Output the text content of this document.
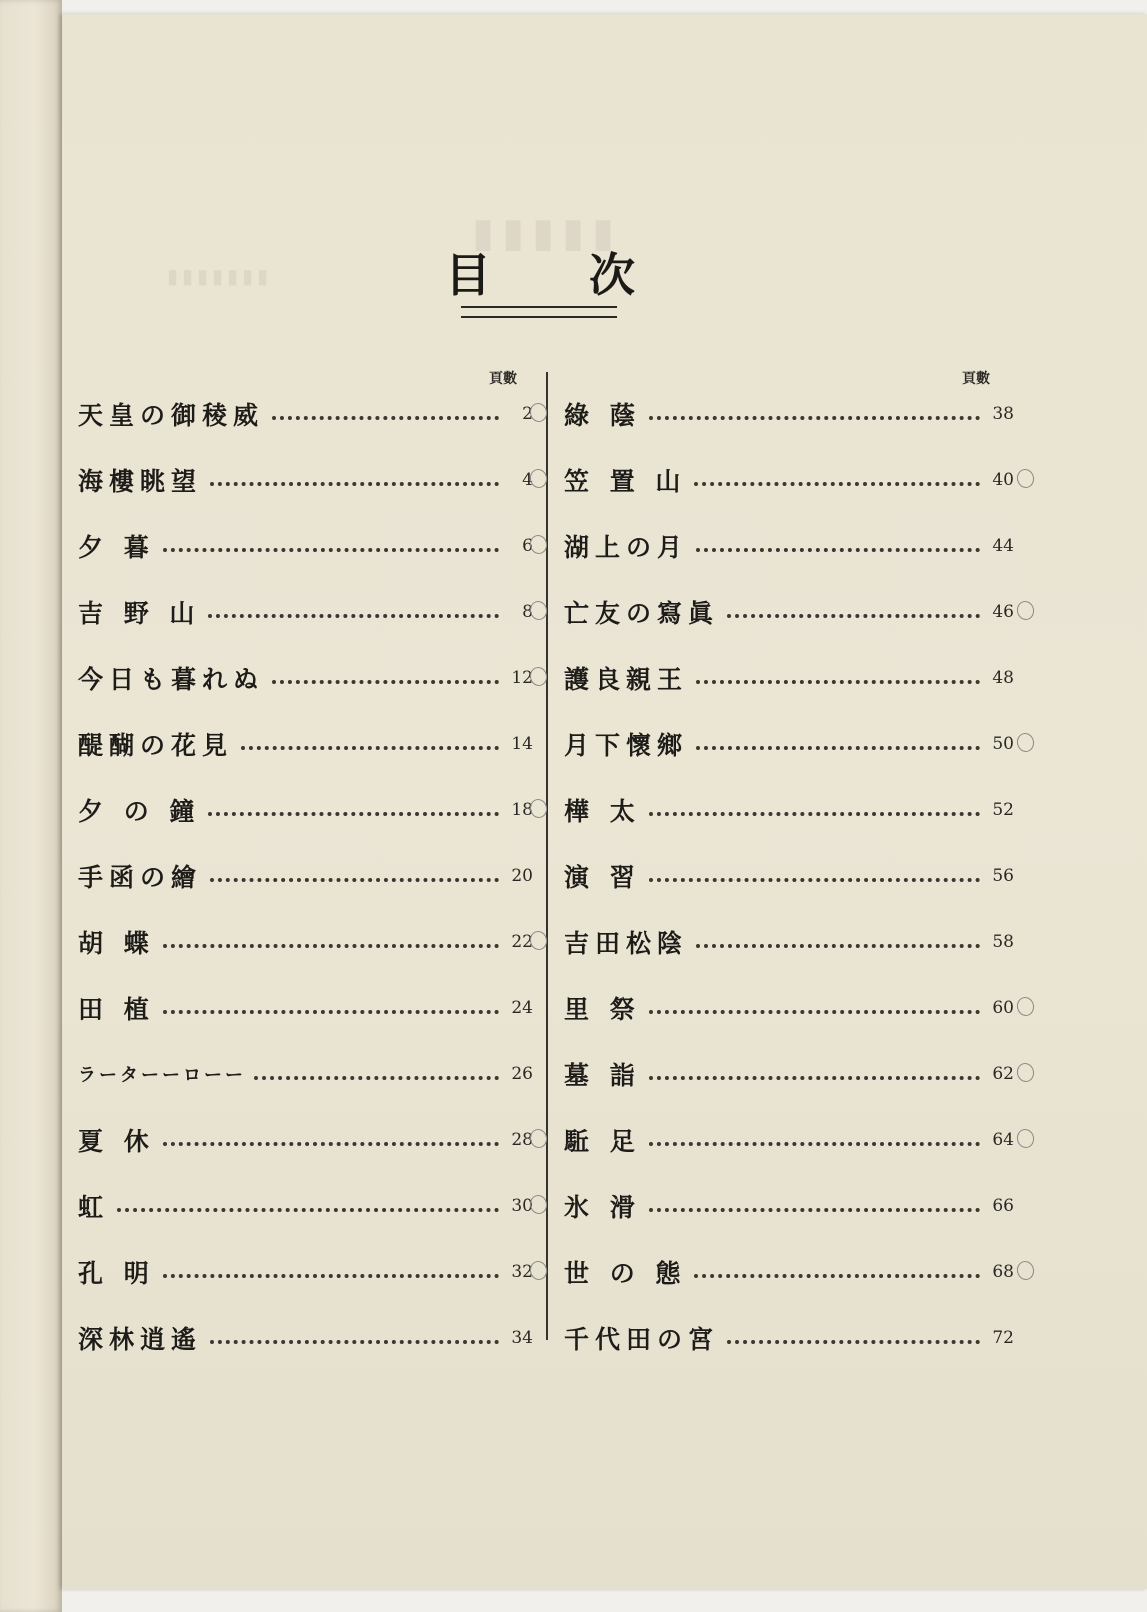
▮▮▮▮▮
▮▮▮▮▮▮▮	目 次
頁數	頁數
天皇の御稜威	2
海樓眺望	4
夕 暮	6
吉 野 山	8
今日も暮れぬ	12
醍醐の花見	14
夕 の 鐘	18
手函の繪	20
胡 蝶	22
田 植	24
ラーターーローー	26
夏 休	28
虹	30
孔 明	32
深林逍遙	34
綠 蔭	38
笠 置 山	40
湖上の月	44
亡友の寫眞	46
護良親王	48
月下懷鄉	50
樺 太	52
演 習	56
吉田松陰	58
里 祭	60
墓 詣	62
駈 足	64
氷 滑	66
世 の 態	68
千代田の宮	72
